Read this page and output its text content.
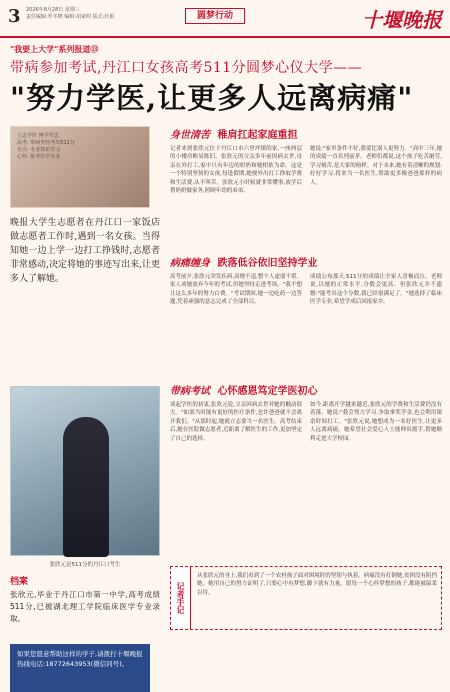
3 2026年8月28日 星期三
责任编辑:罗冬晓 编辑:胡家明 版式:杜娟	圆梦行动	十堰晚报
"我要上大学"系列报道⑬
带病参加考试,丹江口女孩高考511分圆梦心仪大学——
"努力学医,让更多人远离病痛"
立志学医 博学笃志
高考: 带病坚持考出511分
专注: 专业知识学习
心怀: 报考医学专业
晚报大学生志愿者在丹江口一家饭店做志愿者工作时,遇到一名女孩。当得知她一边上学一边打工挣钱时,志愿者非常感动,决定将她的事迹写出来,让更多人了解她。
张欣元是511分的丹江口考生
档案
张欣元,毕业于丹江口市第一中学,高考成绩511分,已被湖北理工学院临床医学专业录取。
如果您愿意帮助这样的学子,请拨打十堰晚报热线电话:18772643953(微信同号)。
身世清苦 稚肩扛起家庭重担

记者来到张欣元位于丹江口市六里坪镇的家,一座两层的小楼房略显陈旧。张欣元的父亲多年前因病去世,母亲在外打工,家中只有年迈的奶奶和她相依为命。这是一个特别坚韧的女孩,每逢假期,她便外出打工挣取学费和生活费,从不叫苦。张欣元小时候就非常懂事,放学后帮奶奶做家务,照顾年幼的弟弟。

她说:"家里条件不好,我要比别人更努力。"高中三年,她的成绩一直名列前茅。老师们都说,这个孩子吃苦耐劳,学习刻苦,是大家的榜样。对于未来,她有着清晰的规划:好好学习,将来当一名医生,帮助更多像爸爸那样的病人。

病痛缠身 跌落低谷依旧坚持学业

高考前夕,张欣元突发疾病,高烧不退,整个人虚弱不堪。家人劝她放弃今年的考试,但她坚持走进考场。"我不想让这么多年的努力白费。"考试期间,她一边吃药一边答题,凭着顽强的意志完成了全部科目。

成绩公布那天,511分的成绩让全家人喜极而泣。老师说,以她的正常水平,分数会更高。但张欣元并不遗憾:"能考出这个分数,我已经很满足了。"她选择了临床医学专业,希望学成后回报家乡。

带病考试 心怀感恩笃定学医初心

谈起学医的初衷,张欣元说,父亲因病去世对她的触动很大。"如果当时能有更好的医疗条件,也许爸爸就不会离开我们。"从那时起,她就立志要当一名医生。高考结束后,她在医院做志愿者,近距离了解医生的工作,更加坚定了自己的选择。

如今,距离开学越来越近,张欣元的学费和生活费仍没有着落。她说:"我会努力学习,争取拿奖学金,也会利用课余时间打工。"张欣元说,她想成为一名好医生,让更多人远离病痛。她希望社会爱心人士能伸出援手,帮她顺利走进大学校园。

记者手记
从张欣元的身上,我们看到了一个农村孩子面对困境时的坚韧与执着。病痛没有打倒她,贫困没有阻挡她。她用自己的努力证明了,只要心中有梦想,脚下就有力量。愿每一个心怀梦想的孩子,都能被温柔以待。
